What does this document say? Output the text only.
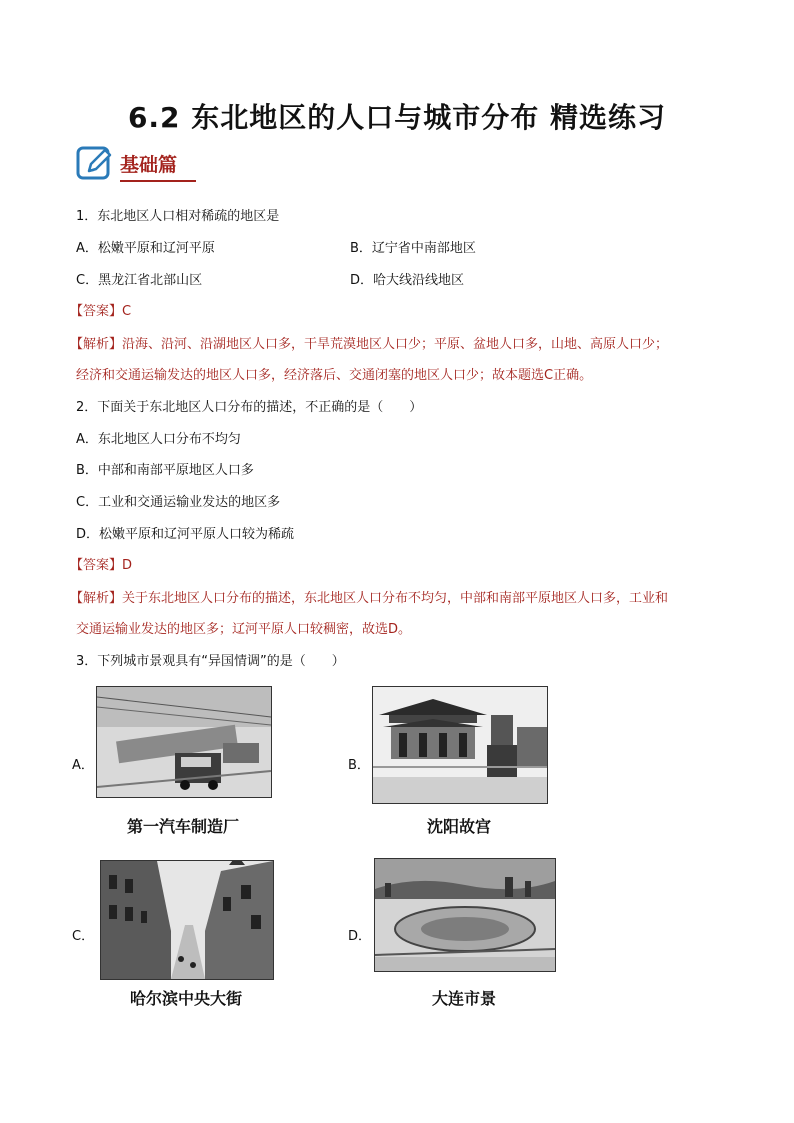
6.2 东北地区的人口与城市分布 精选练习
基础篇
1．东北地区人口相对稀疏的地区是
A．松嫩平原和辽河平原	B．辽宁省中南部地区
C．黑龙江省北部山区	D．哈大线沿线地区
【答案】C
【解析】沿海、沿河、沿湖地区人口多，干旱荒漠地区人口少；平原、盆地人口多，山地、高原人口少；
经济和交通运输发达的地区人口多，经济落后、交通闭塞的地区人口少；故本题选C正确。
2．下面关于东北地区人口分布的描述，不正确的是（　　）
A．东北地区人口分布不均匀
B．中部和南部平原地区人口多
C．工业和交通运输业发达的地区多
D．松嫩平原和辽河平原人口较为稀疏
【答案】D
【解析】关于东北地区人口分布的描述，东北地区人口分布不均匀，中部和南部平原地区人口多，工业和
交通运输业发达的地区多；辽河平原人口较稠密，故选D。
3．下列城市景观具有“异国情调”的是（　　）
A．
第一汽车制造厂
B．
沈阳故宫
C．
哈尔滨中央大街
D．
大连市景
